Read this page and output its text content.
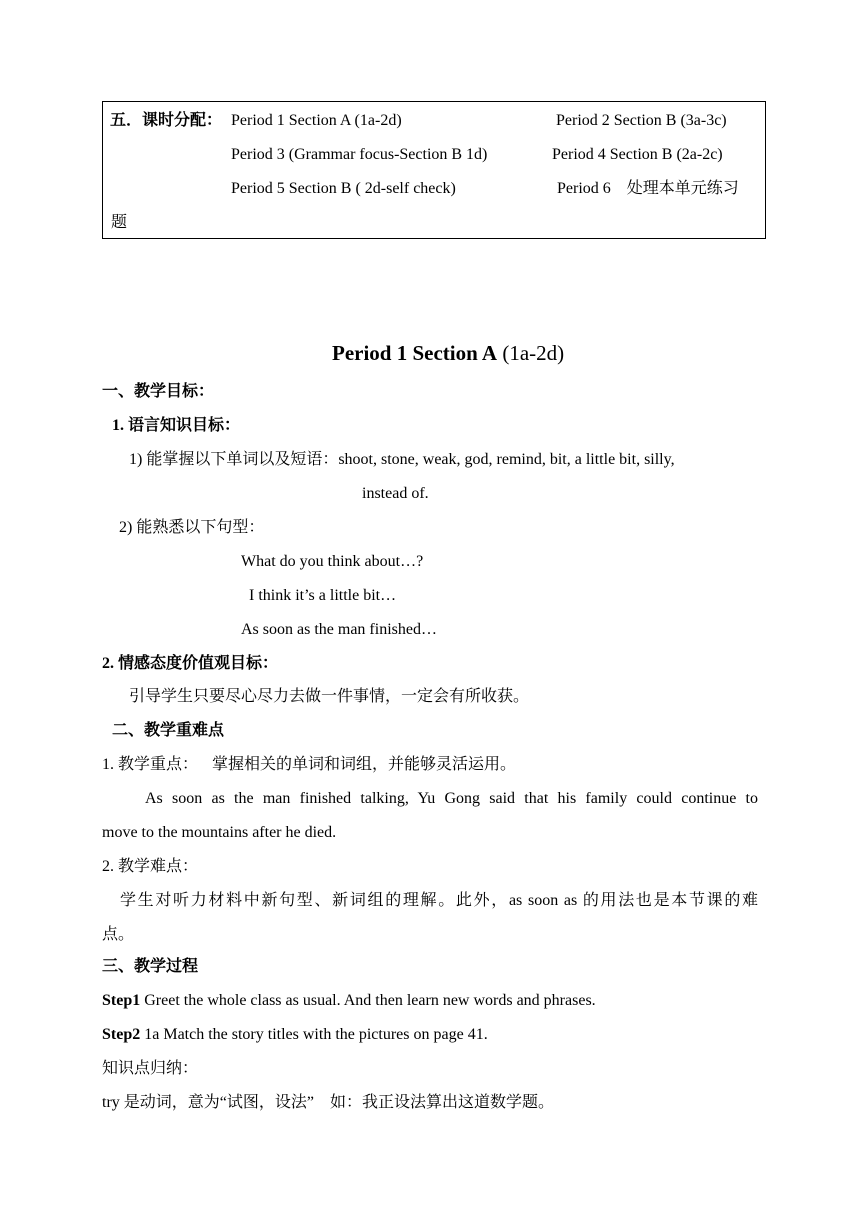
五．课时分配： Period 1 Section A (1a-2d)	Period 2 Section B (3a-3c)
Period 3 (Grammar focus-Section B 1d)	Period 4 Section B (2a-2c)
Period 5 Section B ( 2d-self check)	Period 6　处理本单元练习
题
Period 1 Section A (1a-2d)
一、教学目标：
1. 语言知识目标：
1) 能掌握以下单词以及短语：shoot, stone, weak, god, remind, bit, a little bit, silly,
instead of.
2) 能熟悉以下句型：
What do you think about…?
I think it’s a little bit…
As soon as the man finished…
2. 情感态度价值观目标：
引导学生只要尽心尽力去做一件事情，一定会有所收获。
二、教学重难点
1. 教学重点： 掌握相关的单词和词组，并能够灵活运用。
As soon as the man finished talking, Yu Gong said that his family could continue to
move to the mountains after he died.
2. 教学难点：
学生对听力材料中新句型、新词组的理解。此外，as soon as 的用法也是本节课的难
点。
三、教学过程
Step1 Greet the whole class as usual. And then learn new words and phrases.
Step2 1a Match the story titles with the pictures on page 41.
知识点归纳：
try 是动词，意为“试图，设法”　如：我正设法算出这道数学题。
